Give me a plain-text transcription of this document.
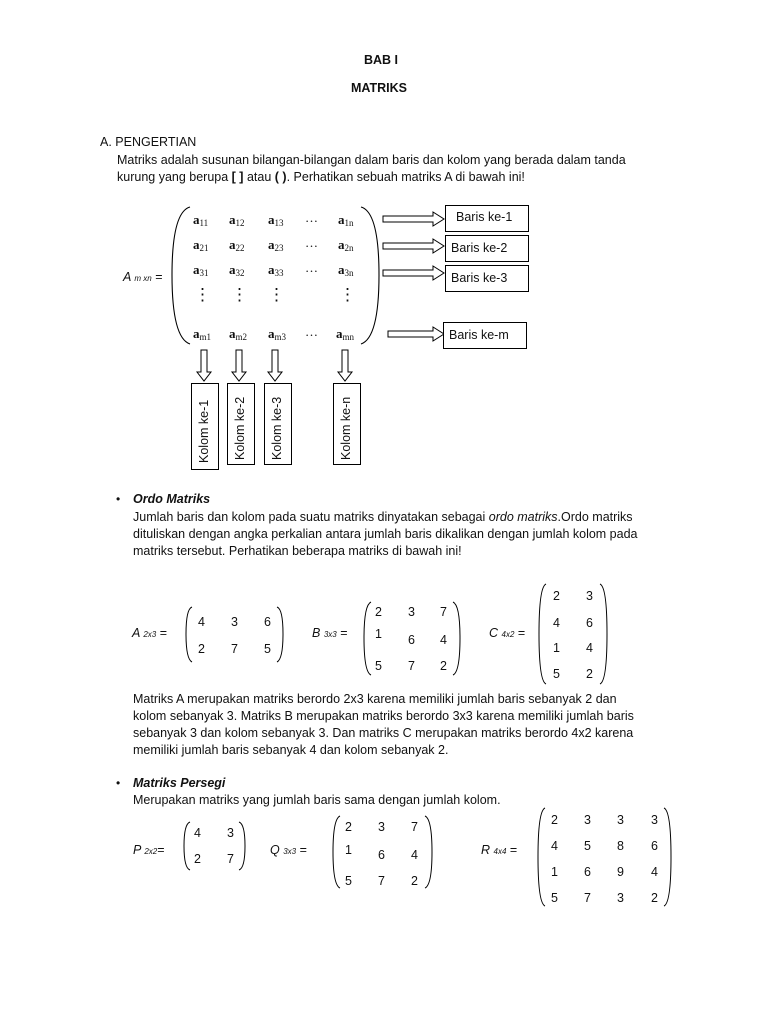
BAB I
MATRIKS
A. PENGERTIAN
Matriks adalah susunan bilangan-bilangan dalam baris dan kolom yang berada dalam tanda
kurung yang berupa [ ] atau ( ). Perhatikan sebuah matriks A di bawah ini!
A m xn =
$a_{11}$ $a_{12}$ $a_{13}$ … $a_{1n}$
$a_{21}$ $a_{22}$ $a_{23}$ … $a_{2n}$
$a_{31}$ $a_{32}$ $a_{33}$ … $a_{3n}$
⋮ ⋮ ⋮	⋮
$a_{m1}$ $a_{m2}$ $a_{m3}$ … $a_{mn}$
Baris ke-1
Baris ke-2
Baris ke-3
Baris ke-m
Kolom ke-1 Kolom ke-2 Kolom ke-3	Kolom ke-n
• Ordo Matriks
Jumlah baris dan kolom pada suatu matriks dinyatakan sebagai ordo matriks.Ordo matriks
dituliskan dengan angka perkalian antara jumlah baris dikalikan dengan jumlah kolom pada
matriks tersebut. Perhatikan beberapa matriks di bawah ini!
A 2x3 =
4 3 6
2 7 5
B 3x3 =
2 3 7
1 6 4
5 7 2
C 4x2 =
2 3
4 6
1 4
5 2
Matriks A merupakan matriks berordo 2x3 karena memiliki jumlah baris sebanyak 2 dan
kolom sebanyak 3. Matriks B merupakan matriks berordo 3x3 karena memiliki jumlah baris
sebanyak 3 dan kolom sebanyak 3. Dan matriks C merupakan matriks berordo 4x2 karena
memiliki jumlah baris sebanyak 4 dan kolom sebanyak 2.
• Matriks Persegi
Merupakan matriks yang jumlah baris sama dengan jumlah kolom.
P 2x2=
4 3
2 7
Q 3x3 =
2 3 7
1 6 4
5 7 2
R 4x4 =
2 3 3 3
4 5 8 6
1 6 9 4
5 7 3 2
